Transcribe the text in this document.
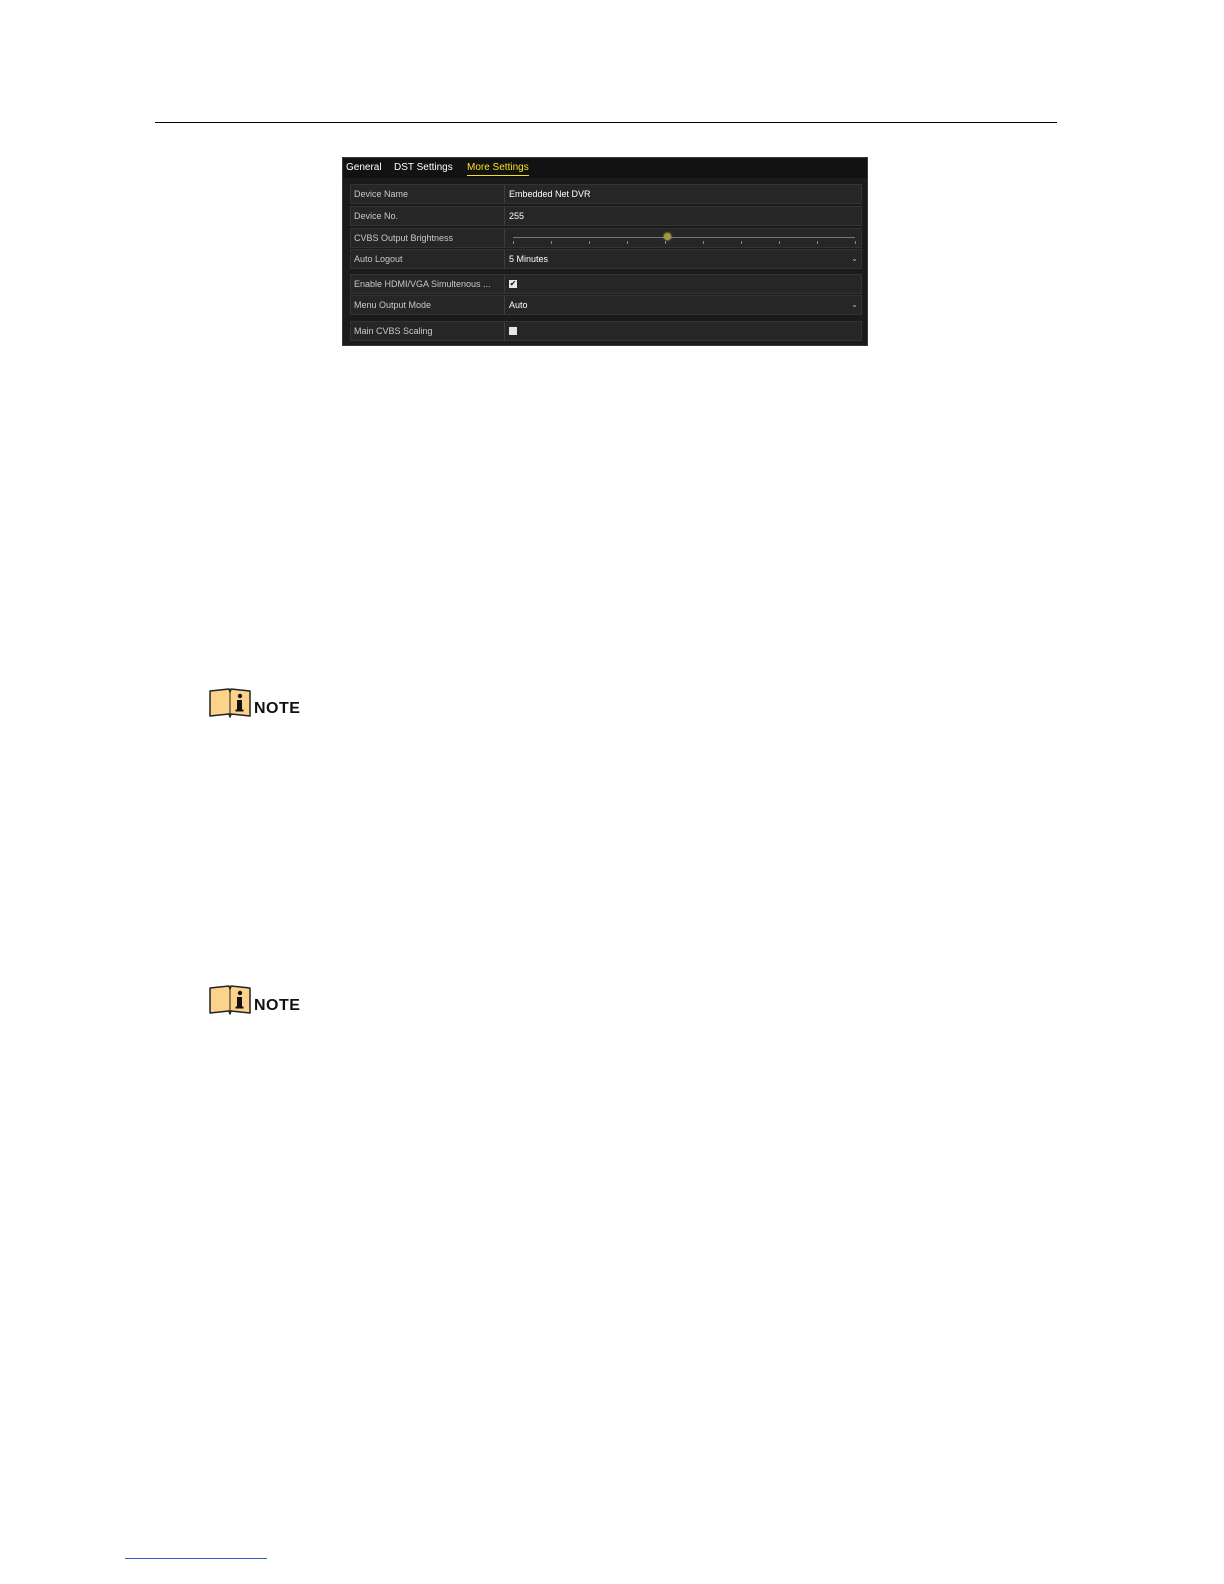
General DST Settings More Settings
Device Name	Embedded Net DVR
Device No.	255
CVBS Output Brightness
Auto Logout	5 Minutes	⌄
Enable HDMI/VGA Simultenous ...	✔
Menu Output Mode	Auto	⌄
Main CVBS Scaling
NOTE
NOTE
